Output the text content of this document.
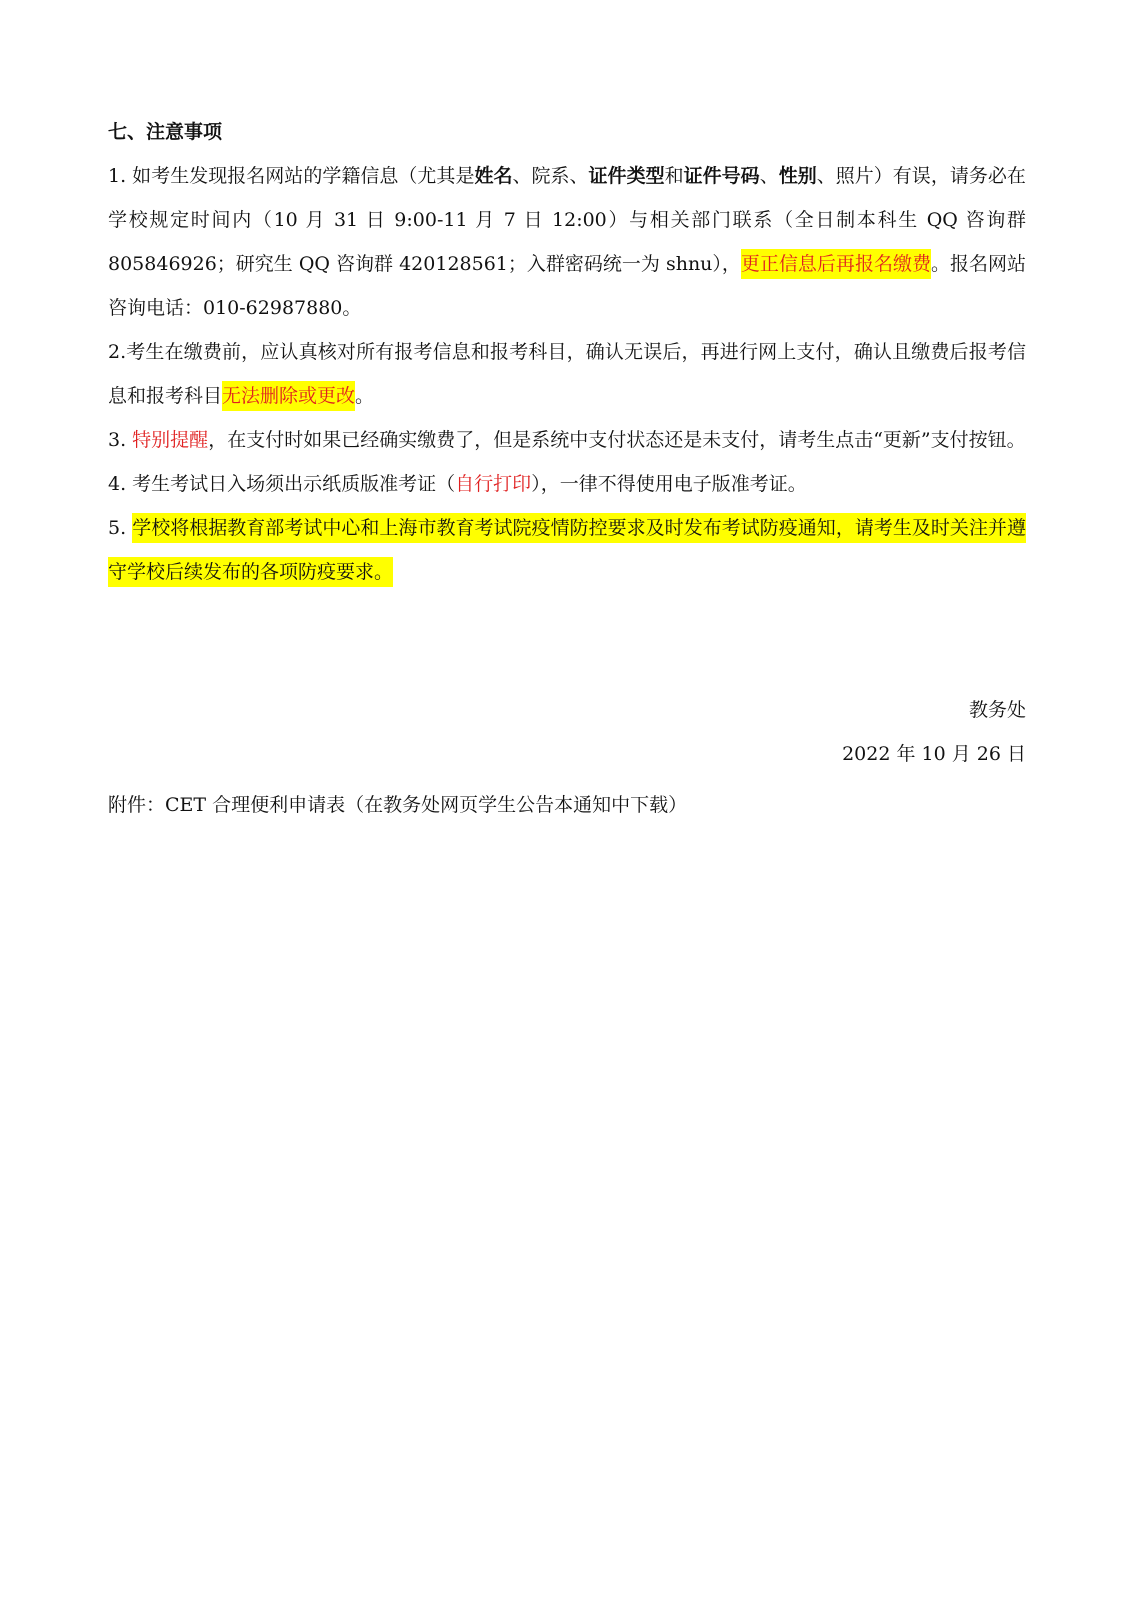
七、注意事项

1. 如考生发现报名网站的学籍信息（尤其是姓名、院系、证件类型和证件号码、性别、照片）有误，请务必在学校规定时间内（10 月 31 日 9:00-11 月 7 日 12:00）与相关部门联系（全日制本科生 QQ 咨询群 805846926；研究生 QQ 咨询群 420128561；入群密码统一为 shnu），更正信息后再报名缴费。报名网站咨询电话：010-62987880。

2.考生在缴费前，应认真核对所有报考信息和报考科目，确认无误后，再进行网上支付，确认且缴费后报考信息和报考科目无法删除或更改。

3. 特别提醒，在支付时如果已经确实缴费了，但是系统中支付状态还是未支付，请考生点击“更新”支付按钮。

4. 考生考试日入场须出示纸质版准考证（自行打印），一律不得使用电子版准考证。

5. 学校将根据教育部考试中心和上海市教育考试院疫情防控要求及时发布考试防疫通知，请考生及时关注并遵守学校后续发布的各项防疫要求。

教务处
2022 年 10 月 26 日
附件：CET 合理便利申请表（在教务处网页学生公告本通知中下载）
